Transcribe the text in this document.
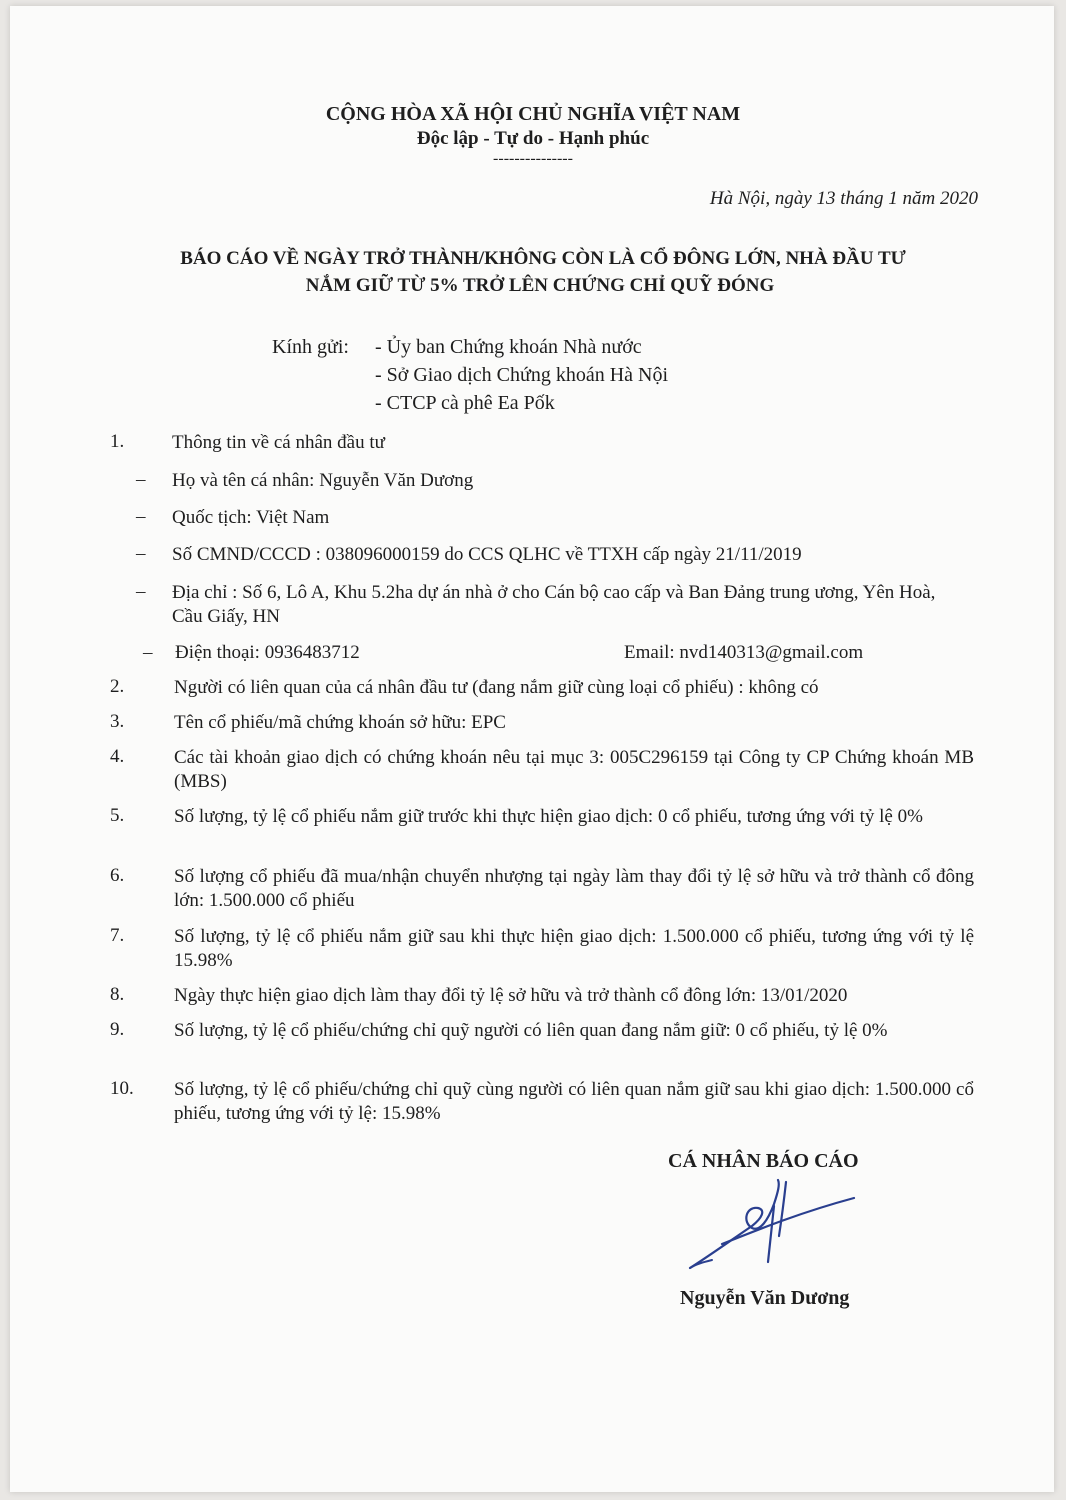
CỘNG HÒA XÃ HỘI CHỦ NGHĨA VIỆT NAM
Độc lập - Tự do - Hạnh phúc
---------------
Hà Nội, ngày 13 tháng 1 năm 2020
BÁO CÁO VỀ NGÀY TRỞ THÀNH/KHÔNG CÒN LÀ CỔ ĐÔNG LỚN, NHÀ ĐẦU TƯ
NẮM GIỮ TỪ 5% TRỞ LÊN CHỨNG CHỈ QUỸ ĐÓNG
Kính gửi: - Ủy ban Chứng khoán Nhà nước
- Sở Giao dịch Chứng khoán Hà Nội
- CTCP cà phê Ea Pốk
1.	Thông tin về cá nhân đầu tư
– Họ và tên cá nhân: Nguyễn Văn Dương
– Quốc tịch: Việt Nam
– Số CMND/CCCD : 038096000159 do CCS QLHC về TTXH cấp ngày 21/11/2019
– Địa chỉ : Số 6, Lô A, Khu 5.2ha dự án nhà ở cho Cán bộ cao cấp và Ban Đảng trung ương, Yên Hoà, Cầu Giấy, HN
– Điện thoại: 0936483712	Email: nvd140313@gmail.com
2.	Người có liên quan của cá nhân đầu tư (đang nắm giữ cùng loại cổ phiếu) : không có
3.	Tên cổ phiếu/mã chứng khoán sở hữu: EPC
4.	Các tài khoản giao dịch có chứng khoán nêu tại mục 3: 005C296159 tại Công ty CP Chứng khoán MB (MBS)
5.	Số lượng, tỷ lệ cổ phiếu nắm giữ trước khi thực hiện giao dịch: 0 cổ phiếu, tương ứng với tỷ lệ 0%
6.	Số lượng cổ phiếu đã mua/nhận chuyển nhượng tại ngày làm thay đổi tỷ lệ sở hữu và trở thành cổ đông lớn: 1.500.000 cổ phiếu
7.	Số lượng, tỷ lệ cổ phiếu nắm giữ sau khi thực hiện giao dịch: 1.500.000 cổ phiếu, tương ứng với tỷ lệ 15.98%
8.	Ngày thực hiện giao dịch làm thay đổi tỷ lệ sở hữu và trở thành cổ đông lớn: 13/01/2020
9.	Số lượng, tỷ lệ cổ phiếu/chứng chỉ quỹ người có liên quan đang nắm giữ: 0 cổ phiếu, tỷ lệ 0%
10. Số lượng, tỷ lệ cổ phiếu/chứng chỉ quỹ cùng người có liên quan nắm giữ sau khi giao dịch: 1.500.000 cổ phiếu, tương ứng với tỷ lệ: 15.98%
CÁ NHÂN BÁO CÁO
Nguyễn Văn Dương
